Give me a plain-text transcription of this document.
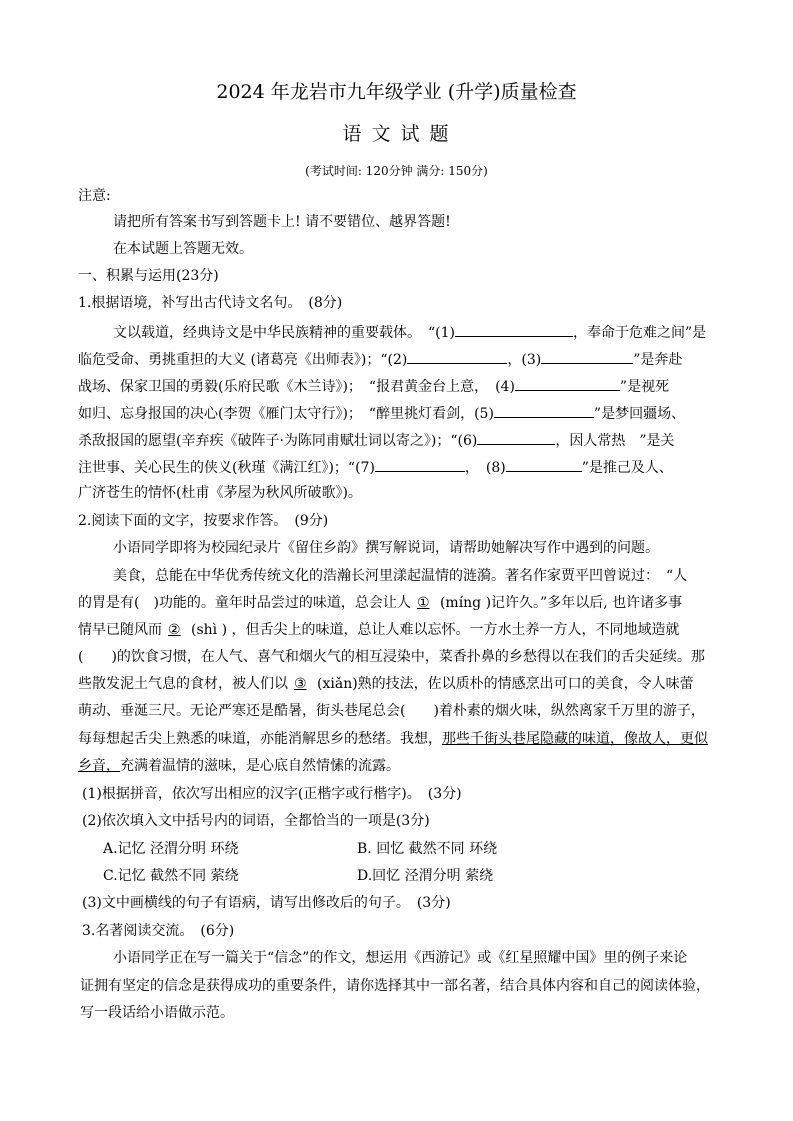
2024 年龙岩市九年级学业 (升学)质量检查
语 文 试 题
(考试时间: 120分钟 满分: 150分)
注意:
请把所有答案书写到答题卡上! 请不要错位、越界答题!
在本试题上答题无效。
一、积累与运用(23分)
1.根据语境，补写出古代诗文名句。　(8分)
文以载道，经典诗文是中华民族精神的重要载体。　“(1)	，奉命于危难之间”是
临危受命、勇挑重担的大义 (诸葛亮《出师表》)；“(2)	，(3)	”是奔赴
战场、保家卫国的勇毅(乐府民歌《木兰诗》)；　“报君黄金台上意，　(4)	”是视死
如归、忘身报国的决心(李贺《雁门太守行》)；　“醉里挑灯看剑，(5)	”是梦回疆场、
杀敌报国的愿望(辛弃疾《破阵子·为陈同甫赋壮词以寄之》)；“(6)	，因人常热　”是关
注世事、关心民生的侠义(秋瑾《满江红》)；“(7)	，　(8)	”是推己及人、
广济苍生的情怀(杜甫《茅屋为秋风所破歌》)。
2.阅读下面的文字，按要求作答。　(9分)
小语同学即将为校园纪录片《留住乡韵》撰写解说词，请帮助她解决写作中遇到的问题。
美食，总能在中华优秀传统文化的浩瀚长河里漾起温情的涟漪。著名作家贾平凹曾说过：　“人
的胃是有(　)功能的。童年时品尝过的味道，总会让人 ① (míng )记许久。”多年以后, 也许诸多事
情早已随风而 ② (shì ) ，但舌尖上的味道，总让人难以忘怀。一方水土养一方人，不同地域造就
(　　)的饮食习惯，在人气、喜气和烟火气的相互浸染中，菜香扑鼻的乡愁得以在我们的舌尖延续。那
些散发泥土气息的食材，被人们以 ③ (xiǎn)熟的技法，佐以质朴的情感烹出可口的美食，令人味蕾
萌动、垂涎三尺。无论严寒还是酷暑，街头巷尾总会(　　)着朴素的烟火味，纵然离家千万里的游子，
每每想起舌尖上熟悉的味道，亦能消解思乡的愁绪。我想，那些千街头巷尾隐藏的味道，像故人，更似
乡音，充满着温情的滋味，是心底自然情愫的流露。
(1)根据拼音，依次写出相应的汉字(正楷字或行楷字)。　(3分)
(2)依次填入文中括号内的词语，全都恰当的一项是(3分)
A.记忆 泾渭分明 环绕	B. 回忆 截然不同 环绕
C.记忆 截然不同 萦绕	D.回忆 泾渭分明 萦绕
(3)文中画横线的句子有语病，请写出修改后的句子。　(3分)
3.名著阅读交流。　(6分)
小语同学正在写一篇关于“信念”的作文，想运用《西游记》或《红星照耀中国》里的例子来论
证拥有坚定的信念是获得成功的重要条件，请你选择其中一部名著，结合具体内容和自己的阅读体验，
写一段话给小语做示范。
